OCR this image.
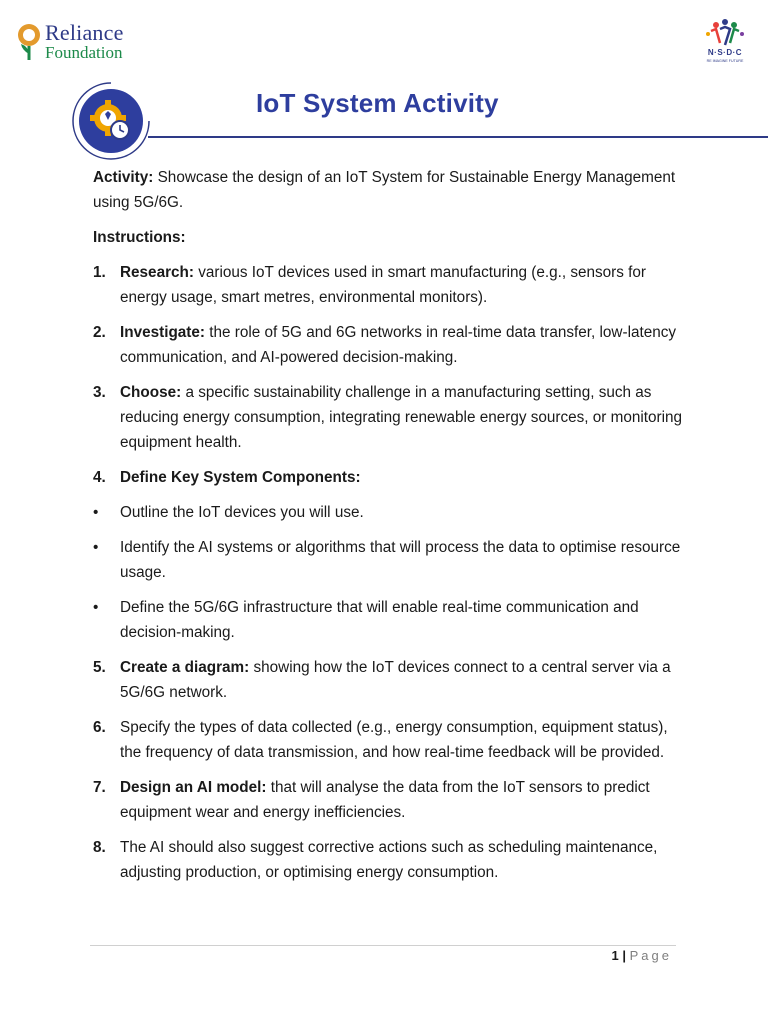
Reliance
Foundation	N·S·D·C
RE IMAGINE FUTURE
IoT System Activity

Activity: Showcase the design of an IoT System for Sustainable Energy Management using 5G/6G.

Instructions:

1. Research: various IoT devices used in smart manufacturing (e.g., sensors for energy usage, smart metres, environmental monitors).
2. Investigate: the role of 5G and 6G networks in real-time data transfer, low-latency communication, and AI-powered decision-making.
3. Choose: a specific sustainability challenge in a manufacturing setting, such as reducing energy consumption, integrating renewable energy sources, or monitoring equipment health.
4. Define Key System Components:
• Outline the IoT devices you will use.
• Identify the AI systems or algorithms that will process the data to optimise resource usage.
• Define the 5G/6G infrastructure that will enable real-time communication and decision-making.
5. Create a diagram: showing how the IoT devices connect to a central server via a 5G/6G network.
6. Specify the types of data collected (e.g., energy consumption, equipment status), the frequency of data transmission, and how real-time feedback will be provided.
7. Design an AI model: that will analyse the data from the IoT sensors to predict equipment wear and energy inefficiencies.
8. The AI should also suggest corrective actions such as scheduling maintenance, adjusting production, or optimising energy consumption.
1 | Page
